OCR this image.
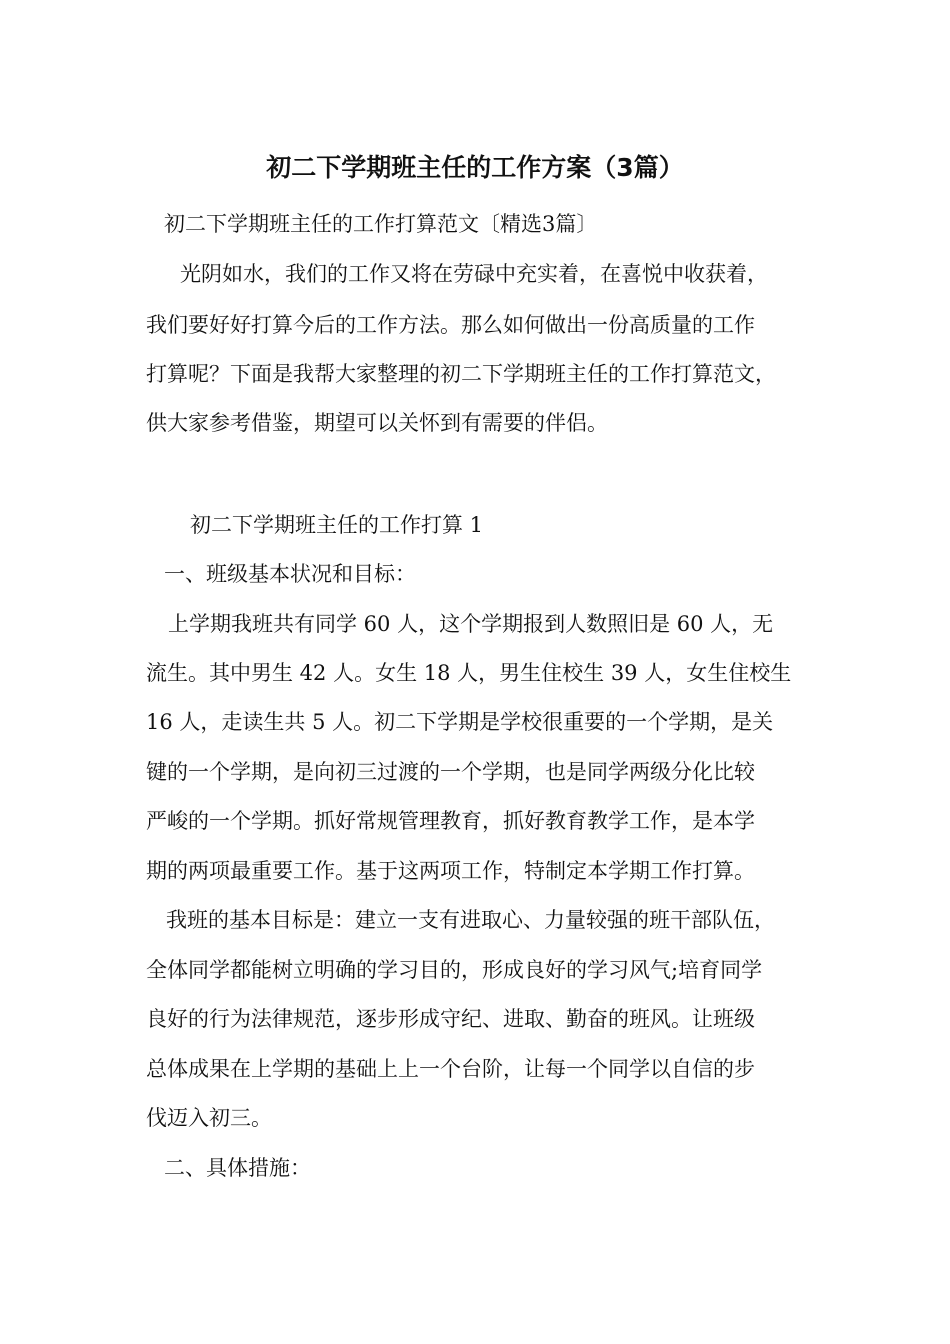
初二下学期班主任的工作方案（3篇）

初二下学期班主任的工作打算范文〔精选3篇〕

光阴如水，我们的工作又将在劳碌中充实着，在喜悦中收获着，

我们要好好打算今后的工作方法。那么如何做出一份高质量的工作

打算呢？下面是我帮大家整理的初二下学期班主任的工作打算范文，

供大家参考借鉴，期望可以关怀到有需要的伴侣。

初二下学期班主任的工作打算 1

一、班级基本状况和目标：

上学期我班共有同学 60 人，这个学期报到人数照旧是 60 人，无

流生。其中男生 42 人。女生 18 人，男生住校生 39 人，女生住校生

16 人，走读生共 5 人。初二下学期是学校很重要的一个学期，是关

键的一个学期，是向初三过渡的一个学期，也是同学两级分化比较

严峻的一个学期。抓好常规管理教育，抓好教育教学工作，是本学

期的两项最重要工作。基于这两项工作，特制定本学期工作打算。

我班的基本目标是：建立一支有进取心、力量较强的班干部队伍，

全体同学都能树立明确的学习目的，形成良好的学习风气;培育同学

良好的行为法律规范，逐步形成守纪、进取、勤奋的班风。让班级

总体成果在上学期的基础上上一个台阶，让每一个同学以自信的步

伐迈入初三。

二、具体措施：
